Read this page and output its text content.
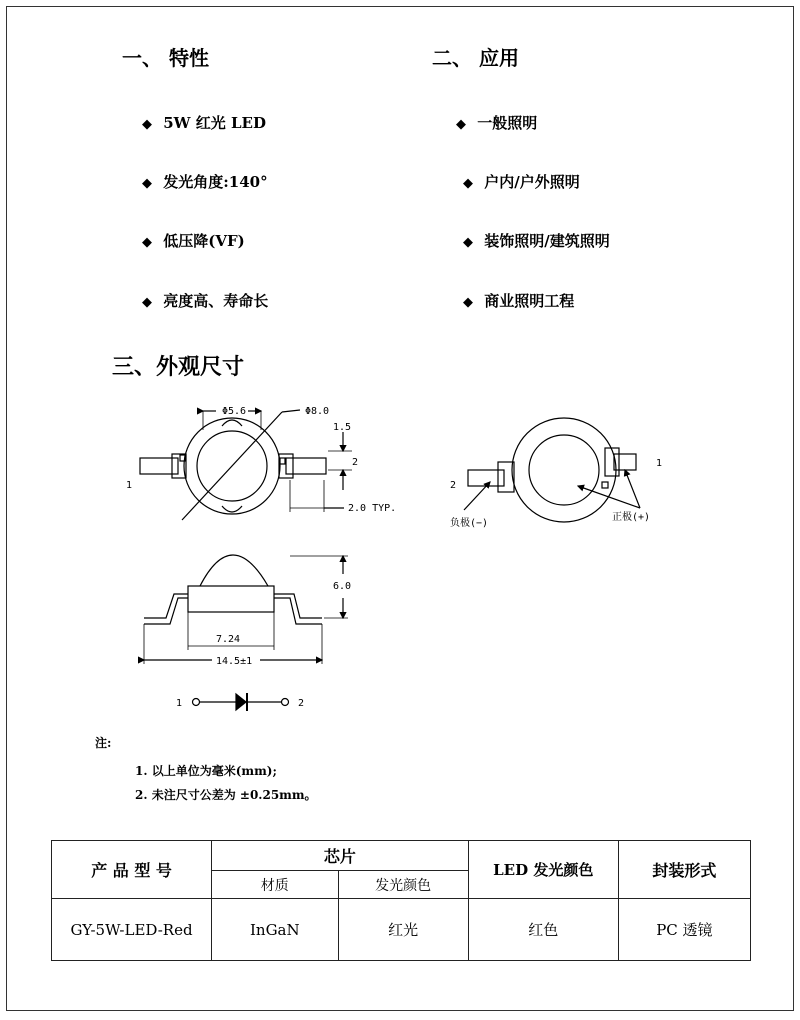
一、 特性
◆ 5W 红光 LED
◆ 发光角度:140°
◆ 低压降(VF)
◆ 亮度高、寿命长
二、 应用
◆ 一般照明
◆ 户内/户外照明
◆ 装饰照明/建筑照明
◆ 商业照明工程
三、外观尺寸
Φ5.6	Φ8.0
1.5
2
1
2.0 TYP.
6.0
7.24
14.5±1
2
1
负极(−)
正极(+)
1	2
注:
1. 以上单位为毫米(mm);
2. 未注尺寸公差为 ±0.25mm。
产 品 型 号	芯片		LED 发光颜色	封装形式
	材质	发光颜色		
GY-5W-LED-Red	InGaN	红光	红色	PC 透镜
